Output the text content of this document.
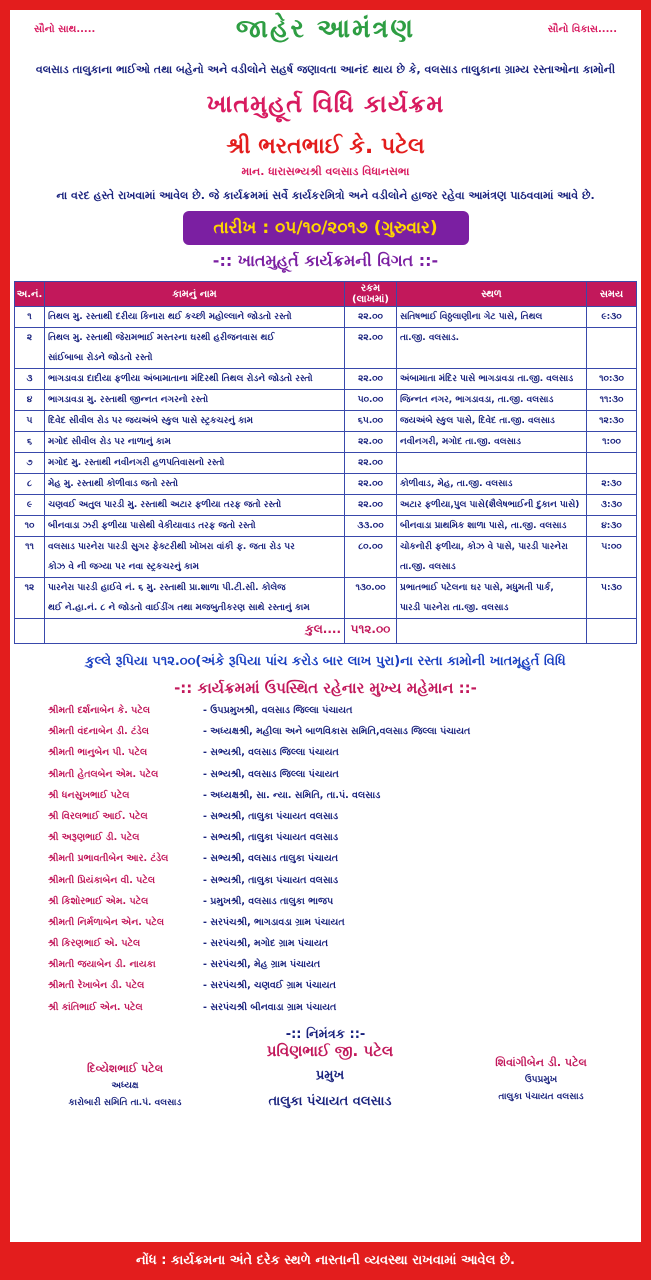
સૌનો સાથ.....	જાહેર આમંત્રણ	સૌનો વિકાસ.....
વલસાડ તાલુકાના ભાઈઓ તથા બહેનો અને વડીલોને સહર્ષ જણાવતા આનંદ થાય છે કે, વલસાડ તાલુકાના ગ્રામ્ય રસ્તાઓના કામોની
ખાતમુહૂર્ત વિધિ કાર્યક્રમ
શ્રી ભરતભાઈ કે. પટેલ
માન. ધારાસભ્યશ્રી વલસાડ વિધાનસભા
ના વરદ હસ્તે રાખવામાં આવેલ છે. જે કાર્યક્રમમાં સર્વે કાર્યકરમિત્રો અને વડીલોને હાજર રહેવા આમંત્રણ પાઠવવામાં આવે છે.
તારીખ : ૦૫/૧૦/૨૦૧૭ (ગુરુવાર)
-:: ખાતમુહૂર્ત કાર્યક્રમની વિગત ::-
અ.નં.	કામનું નામ	રકમ (લાખમાં)	સ્થળ	સમય
૧	તિથલ મુ. રસ્તાથી દરીયા કિનારા થઈ કચ્છી મહોલ્લાને જોડતો રસ્તો	૨૨.૦૦	સતિષભાઈ વિઠ્ઠલાણીના ગેટ પાસે, તિથલ	૯:૩૦
૨	તિથલ મુ. રસ્તાથી જેરામભાઈ મસ્તરના ઘરથી હરીજનવાસ થઈ	૨૨.૦૦	તા.જી. વલસાડ.	
	સાંઈબાબા રોડને જોડતો રસ્તો			
૩	ભાગડાવડા દાદીયા ફળીયા અંબામાતાના મંદિરથી તિથલ રોડને જોડતો રસ્તો	૨૨.૦૦	અંબામાતા મંદિર પાસે ભાગડાવડા તા.જી. વલસાડ	૧૦:૩૦
૪	ભાગડાવડા મુ. રસ્તાથી જીન્નત નગરનો રસ્તો	૫૦.૦૦	જિન્નત નગર, ભાગડાવડા, તા.જી. વલસાડ	૧૧:૩૦
૫	દિવેદ સીવીલ રોડ પર જયઅંબે સ્કુલ પાસે સ્ટ્રકચરનું કામ	૬૫.૦૦	જયઅંબે સ્કુલ પાસે, દિવેદ તા.જી. વલસાડ	૧૨:૩૦
૬	મગોદ સીવીલ રોડ પર નાળાનું કામ	૨૨.૦૦	નવીનગરી, મગોદ તા.જી. વલસાડ	૧:૦૦
૭	મગોદ મુ. રસ્તાથી નવીનગરી હળપતિવાસનો રસ્તો	૨૨.૦૦		
૮	મેહ મુ. રસ્તાથી કોળીવાડ જતો રસ્તો	૨૨.૦૦	કોળીવાડ, મેહ, તા.જી. વલસાડ	૨:૩૦
૯	ચણવઈ અતુલ પારડી મુ. રસ્તાથી અટાર ફળીયા તરફ જતો રસ્તો	૨૨.૦૦	અટાર ફળીયા,પુલ પાસે(શૈલેષભાઈની દુકાન પાસે)	૩:૩૦
૧૦	બીનવાડા ઝરી ફળીયા પાસેથી વેકીયાવાડ તરફ જતો રસ્તો	૩૩.૦૦	બીનવાડા પ્રાથમિક શાળા પાસે, તા.જી. વલસાડ	૪:૩૦
૧૧	વલસાડ પારનેરા પારડી સુગર ફેક્ટરીથી ખોખરા વાંકી ફ. જતા રોડ પર	૮૦.૦૦	ચોકનોરી ફળીયા, કોઝ વે પાસે, પારડી પારનેરા	૫:૦૦
	કોઝ વે ની જગ્યા પર નવા સ્ટ્રકચરનું કામ		તા.જી. વલસાડ	
૧૨	પારનેરા પારડી હાઈવે નં. ૬ મુ. રસ્તાથી પ્રા.શાળા પી.ટી.સી. કોલેજ	૧૩૦.૦૦	પ્રભાતભાઈ પટેલના ઘર પાસે, મધુમતી પાર્ક,	૫:૩૦
	થઈ ને.હા.નં. ૮ ને જોડતો વાઈડીંગ તથા મજબુતીકરણ સાથે રસ્તાનું કામ		પારડી પારનેરા તા.જી. વલસાડ	
	કુલ....	૫૧૨.૦૦		
કુલ્લે રૂપિયા ૫૧૨.૦૦(અંકે રૂપિયા પાંચ કરોડ બાર લાખ પુરા)ના રસ્તા કામોની ખાતમૂહુર્ત વિધિ
-:: કાર્યક્રમમાં ઉપસ્થિત રહેનાર મુખ્ય મહેમાન ::-
શ્રીમતી દર્શનાબેન કે. પટેલ	- ઉપપ્રમુખશ્રી, વલસાડ જિલ્લા પંચાયત
શ્રીમતી વંદનાબેન ડી. ટંડેલ	- અધ્યક્ષશ્રી, મહીલા અને બાળવિકાસ સમિતિ,વલસાડ જિલ્લા પંચાયત
શ્રીમતી ભાનુબેન પી. પટેલ	- સભ્યશ્રી, વલસાડ જિલ્લા પંચાયત
શ્રીમતી હેતલબેન એમ. પટેલ	- સભ્યશ્રી, વલસાડ જિલ્લા પંચાયત
શ્રી ધનસુખભાઈ પટેલ	- અધ્યક્ષશ્રી, સા. ન્યા. સમિતિ, તા.પં. વલસાડ
શ્રી વિરલભાઈ આઈ. પટેલ	- સભ્યશ્રી, તાલુકા પંચાયત વલસાડ
શ્રી અરૂણભાઈ ડી. પટેલ	- સભ્યશ્રી, તાલુકા પંચાયત વલસાડ
શ્રીમતી પ્રભાવતીબેન આર. ટંડેલ	- સભ્યશ્રી, વલસાડ તાલુકા પંચાયત
શ્રીમતી પ્રિયંકાબેન વી. પટેલ	- સભ્યશ્રી, તાલુકા પંચાયત વલસાડ
શ્રી કિશોરભાઈ એમ. પટેલ	- પ્રમુખશ્રી, વલસાડ તાલુકા ભાજપ
શ્રીમતી નિર્મળાબેન એન. પટેલ	- સરપંચશ્રી, ભાગડાવડા ગ્રામ પંચાયત
શ્રી કિરણભાઈ એ. પટેલ	- સરપંચશ્રી, મગોદ ગ્રામ પંચાયત
શ્રીમતી જયાબેન ડી. નાયકા	- સરપંચશ્રી, મેહ ગ્રામ પંચાયત
શ્રીમતી રેખાબેન ડી. પટેલ	- સરપંચશ્રી, ચણવઈ ગ્રામ પંચાયત
શ્રી કાંતિભાઈ એન. પટેલ	- સરપંચશ્રી બીનવાડા ગ્રામ પંચાયત
-:: નિમંત્રક ::-
દિવ્યેશભાઈ પટેલ
અધ્યક્ષ
કારોબારી સમિતિ તા.પં. વલસાડ
પ્રવિણભાઈ જી. પટેલ
પ્રમુખ
તાલુકા પંચાયત વલસાડ
શિવાંગીબેન ડી. પટેલ
ઉપપ્રમુખ
તાલુકા પંચાયત વલસાડ
નોંધ : કાર્યક્રમના અંતે દરેક સ્થળે નાસ્તાની વ્યવસ્થા રાખવામાં આવેલ છે.
